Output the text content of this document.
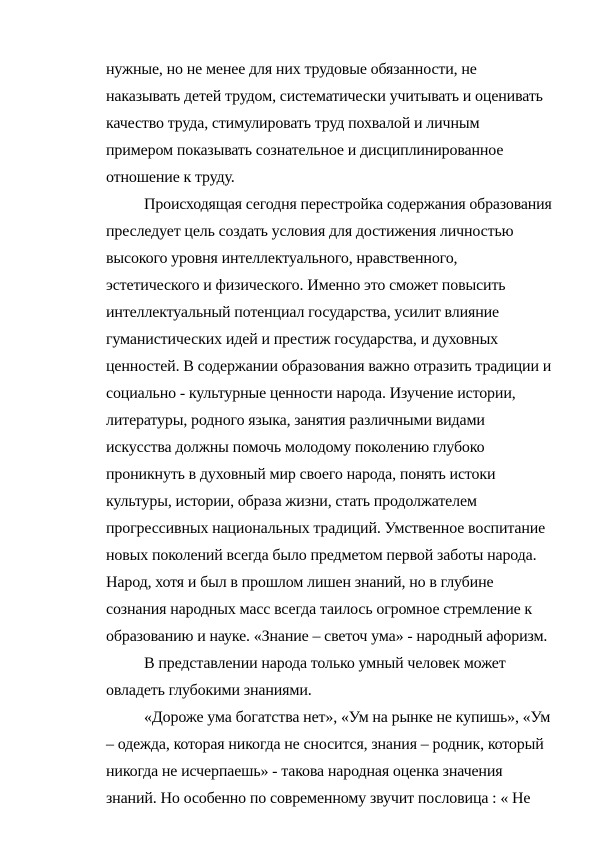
нужные, но не менее для них трудовые обязанности, не
наказывать детей трудом, систематически учитывать и оценивать
качество труда, стимулировать труд похвалой и личным
примером показывать сознательное и дисциплинированное
отношение к труду.
Происходящая сегодня перестройка содержания образования
преследует цель создать условия для достижения личностью
высокого уровня интеллектуального, нравственного,
эстетического и физического. Именно это сможет повысить
интеллектуальный потенциал государства, усилит влияние
гуманистических идей и престиж государства, и духовных
ценностей. В содержании образования важно отразить традиции и
социально - культурные ценности народа. Изучение истории,
литературы, родного языка, занятия различными видами
искусства должны помочь молодому поколению глубоко
проникнуть в духовный мир своего народа, понять истоки
культуры, истории, образа жизни, стать продолжателем
прогрессивных национальных традиций. Умственное воспитание
новых поколений всегда было предметом первой заботы народа.
Народ, хотя и был в прошлом лишен знаний, но в глубине
сознания народных масс всегда таилось огромное стремление к
образованию и науке. «Знание – светоч ума» - народный афоризм.
В представлении народа только умный человек может
овладеть глубокими знаниями.
«Дороже ума богатства нет», «Ум на рынке не купишь», «Ум
– одежда, которая никогда не сносится, знания – родник, который
никогда не исчерпаешь» - такова народная оценка значения
знаний. Но особенно по современному звучит пословица : « Не
